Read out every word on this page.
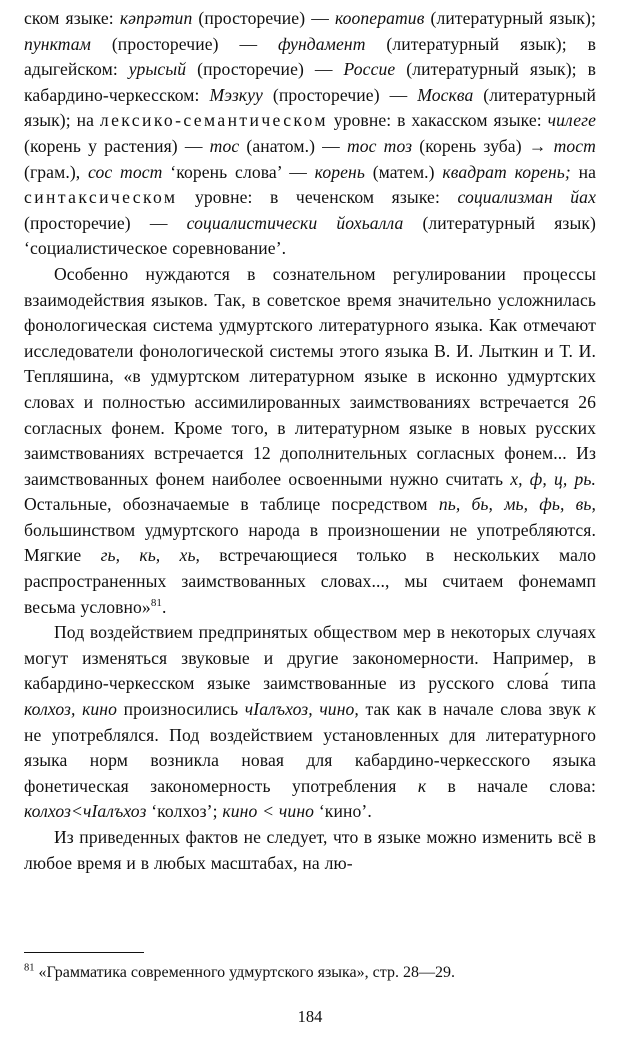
ском языке: кәпрәтип (просторечие) — кооператив (литературный язык); пунктам (просторечие) — фундамент (литературный язык); в адыгейском: урысый (просторечие) — Россие (литературный язык); в кабардино-черкесском: Мэзкуу (просторечие) — Москва (литературный язык); на лексико-семантическом уровне: в хакасском языке: чилеге (корень у растения) — тос (анатом.) — тос тоз (корень зуба) → тост (грам.), сос тост ‘корень слова’ — корень (матем.) квадрат корень; на синтаксическом уровне: в чеченском языке: социализман йах (просторечие) — социалистически йохьалла (литературный язык) ‘социалистическое соревнование’.

Особенно нуждаются в сознательном регулировании процессы взаимодействия языков. Так, в советское время значительно усложнилась фонологическая система удмуртского литературного языка. Как отмечают исследователи фонологической системы этого языка В. И. Лыткин и Т. И. Тепляшина, «в удмуртском литературном языке в исконно удмуртских словах и полностью ассимилированных заимствованиях встречается 26 согласных фонем. Кроме того, в литературном языке в новых русских заимствованиях встречается 12 дополнительных согласных фонем... Из заимствованных фонем наиболее освоенными нужно считать х, ф, ц, рь. Остальные, обозначаемые в таблице посредством пь, бь, мь, фь, вь, большинством удмуртского народа в произношении не употребляются. Мягкие гь, кь, хь, встречающиеся только в нескольких мало распространенных заимствованных словах..., мы считаем фонемамп весьма условно»$^{81}$.

Под воздействием предпринятых обществом мер в некоторых случаях могут изменяться звуковые и другие закономерности. Например, в кабардино-черкесском языке заимствованные из русского слова́ типа колхоз, кино произносились чIалъхоз, чино, так как в начале слова звук к не употреблялся. Под воздействием установленных для литературного языка норм возникла новая для кабардино-черкесского языка фонетическая закономерность употребления к в начале слова: колхоз<чIалъхоз ‘колхоз’; кино < чино ‘кино’.

Из приведенных фактов не следует, что в языке можно изменить всё в любое время и в любых масштабах, на лю-

$^{81}$ «Грамматика современного удмуртского языка», стр. 28—29.
184
